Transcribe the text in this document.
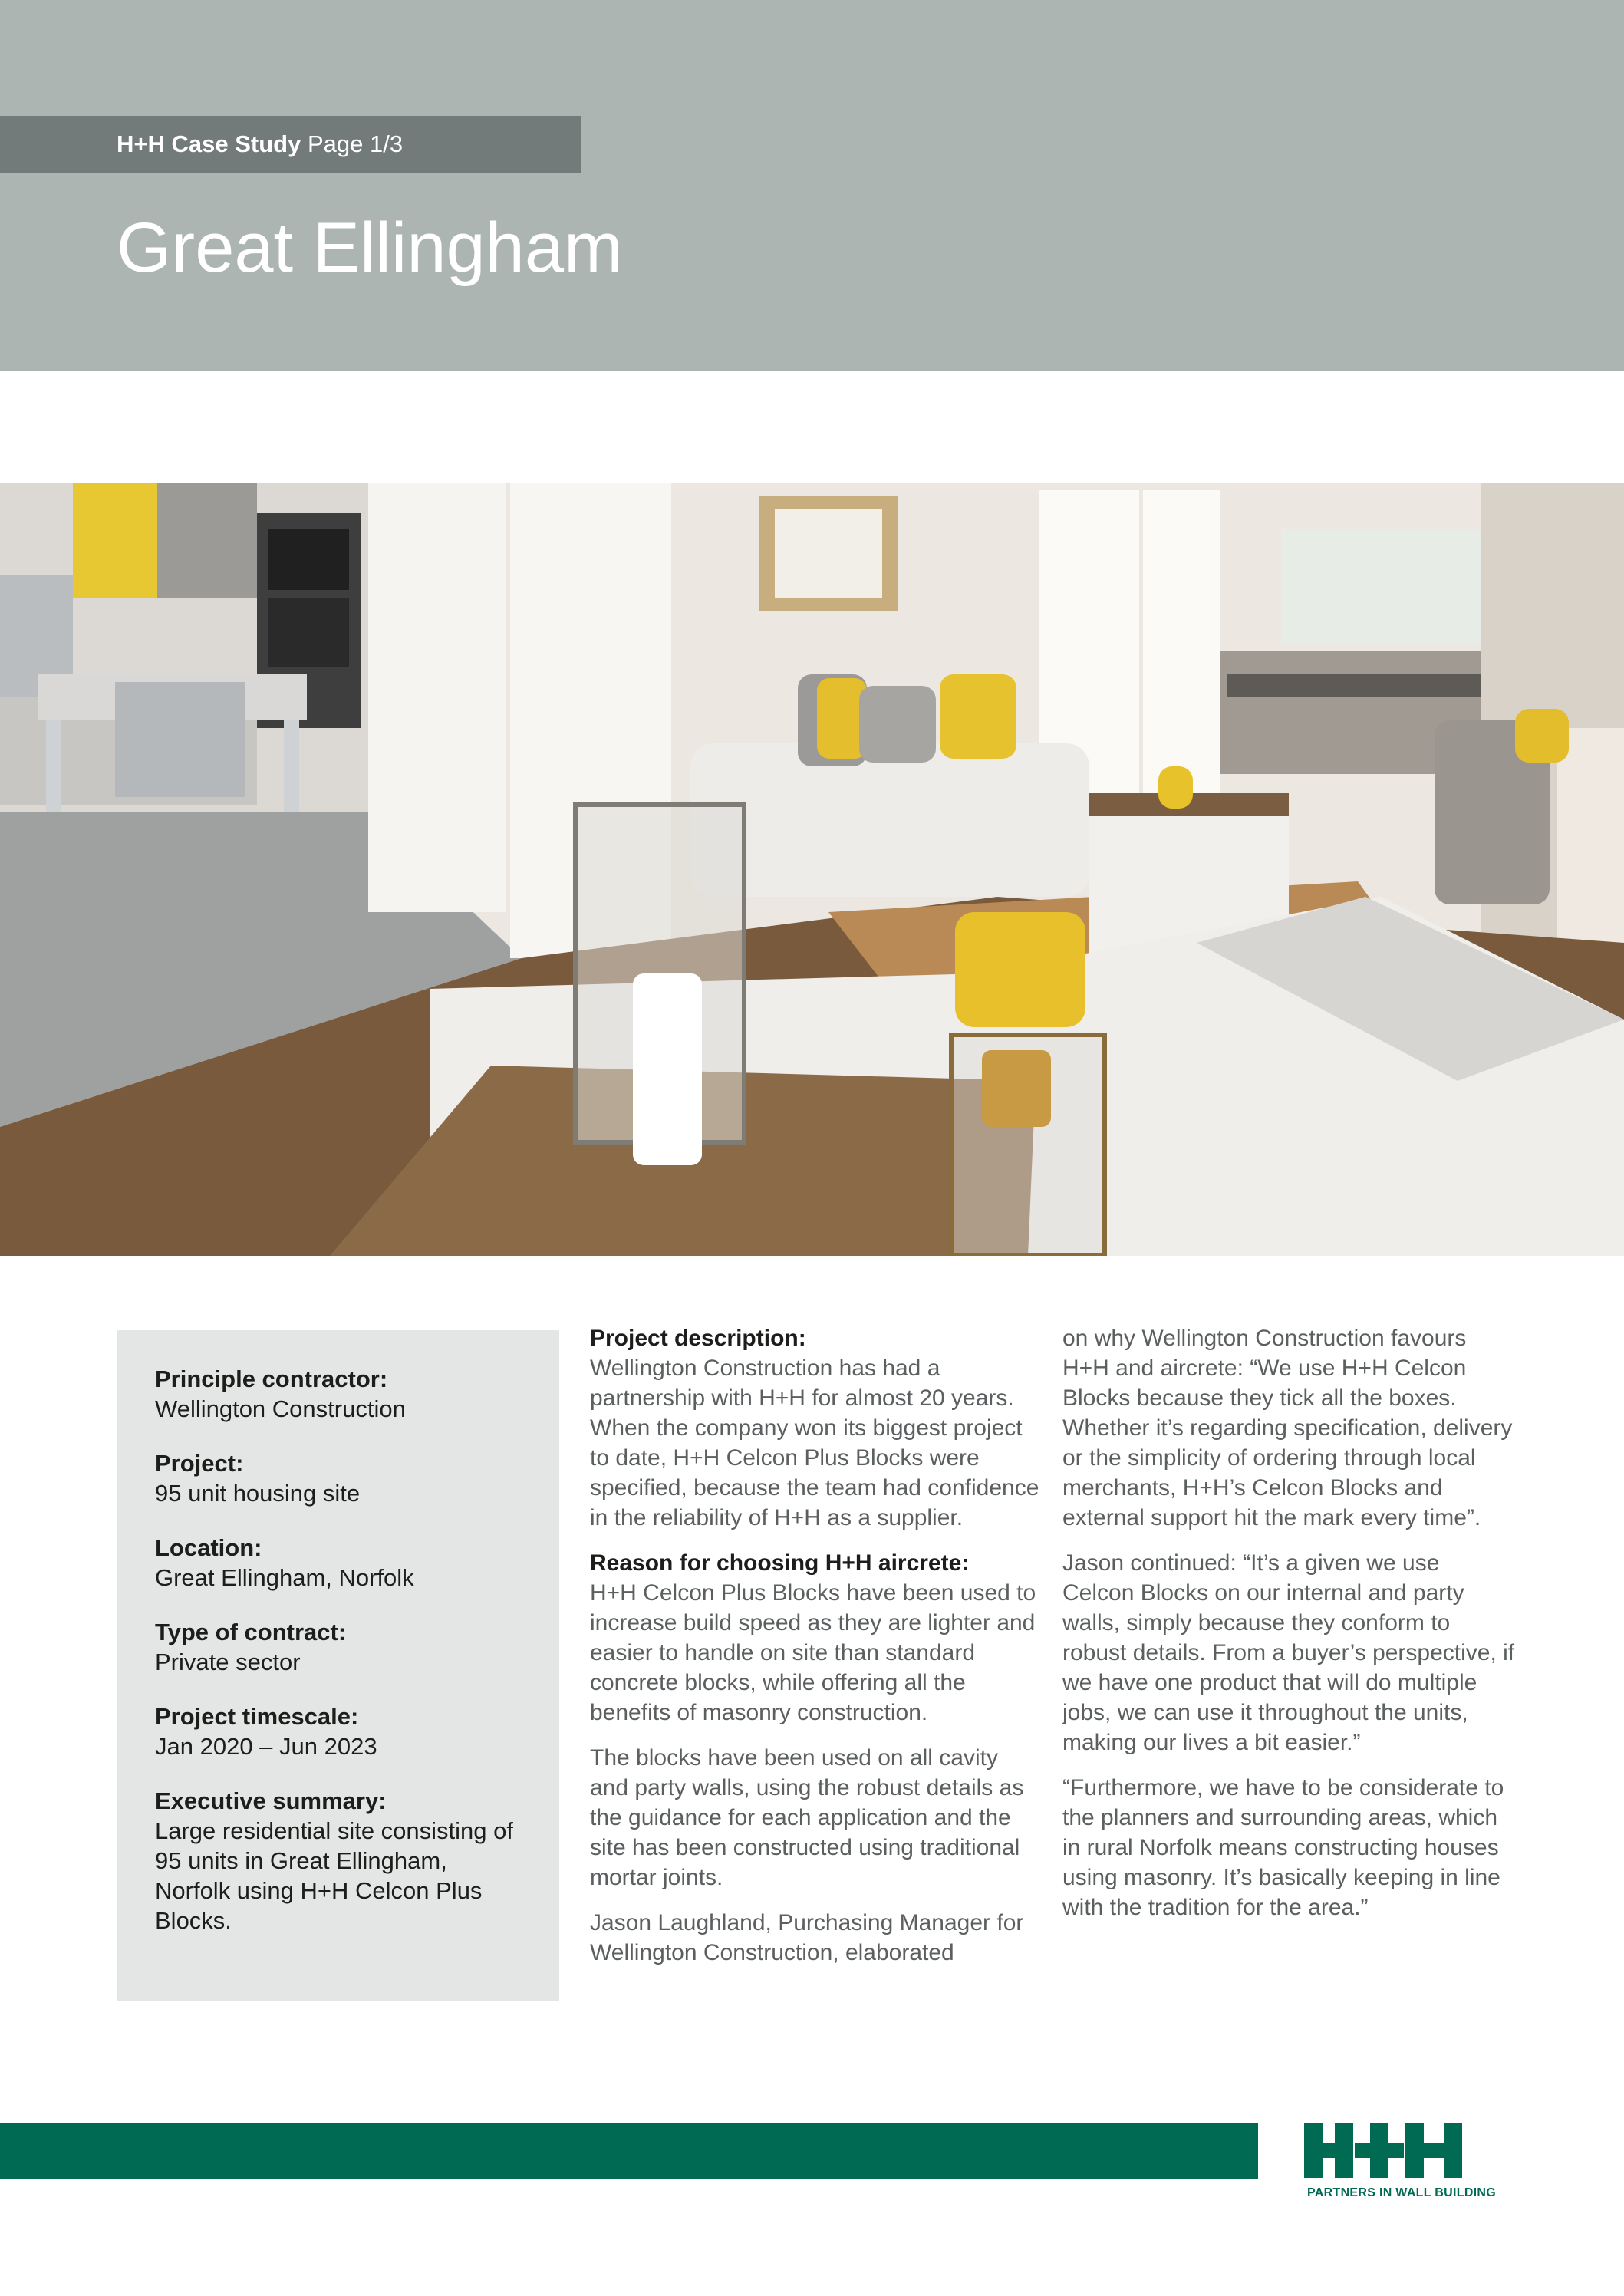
H+H Case Study Page 1/3
Great Ellingham
Principle contractor:
Wellington Construction
Project:
95 unit housing site
Location:
Great Ellingham, Norfolk
Type of contract:
Private sector
Project timescale:
Jan 2020 – Jun 2023
Executive summary:
Large residential site consisting of 95 units in Great Ellingham, Norfolk using H+H Celcon Plus Blocks.

Project description:
Wellington Construction has had a partnership with H+H for almost 20 years. When the company won its biggest project to date, H+H Celcon Plus Blocks were specified, because the team had confidence in the reliability of H+H as a supplier.

Reason for choosing H+H aircrete:
H+H Celcon Plus Blocks have been used to increase build speed as they are lighter and easier to handle on site than standard concrete blocks, while offering all the benefits of masonry construction.

The blocks have been used on all cavity and party walls, using the robust details as the guidance for each application and the site has been constructed using traditional mortar joints.

Jason Laughland, Purchasing Manager for Wellington Construction, elaborated

on why Wellington Construction favours H+H and aircrete: “We use H+H Celcon Blocks because they tick all the boxes. Whether it’s regarding specification, delivery or the simplicity of ordering through local merchants, H+H’s Celcon Blocks and external support hit the mark every time”.

Jason continued: “It’s a given we use Celcon Blocks on our internal and party walls, simply because they conform to robust details. From a buyer’s perspective, if we have one product that will do multiple jobs, we can use it throughout the units, making our lives a bit easier.”

“Furthermore, we have to be considerate to the planners and surrounding areas, which in rural Norfolk means constructing houses using masonry. It’s basically keeping in line with the tradition for the area.”

PARTNERS IN WALL BUILDING
